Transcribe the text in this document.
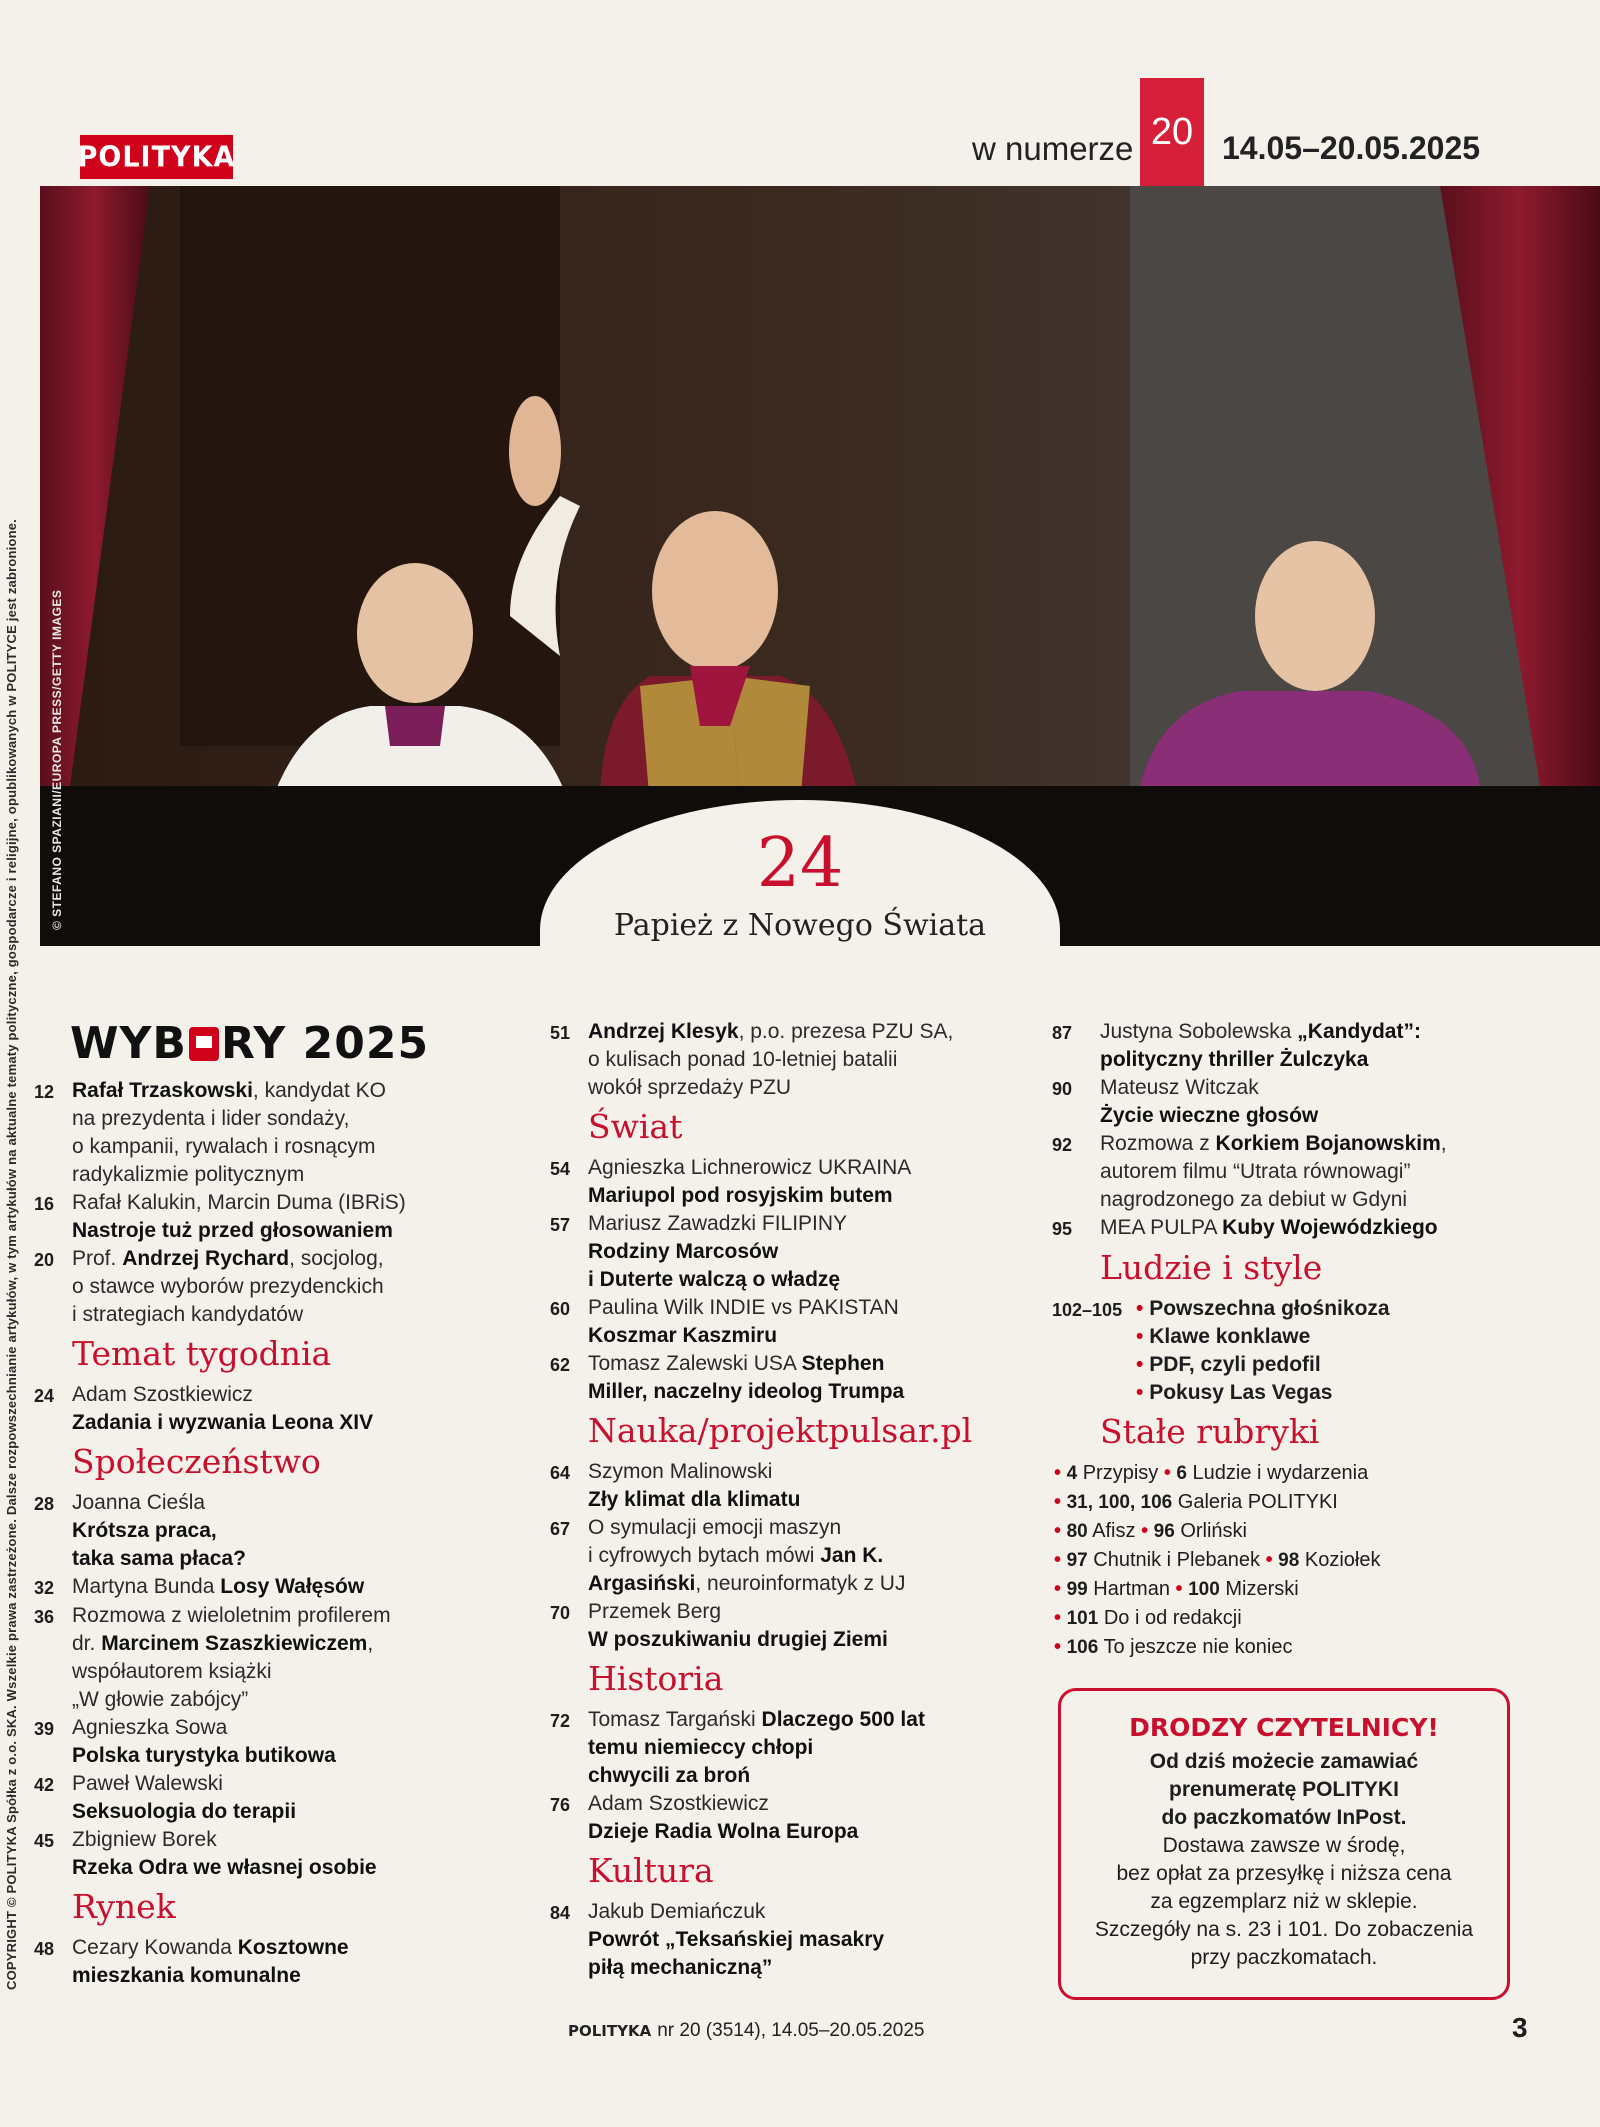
POLITYKA	w numerze 20 14.05–20.05.2025
COPYRIGHT © POLITYKA Spółka z o.o. SKA. Wszelkie prawa zastrzeżone. Dalsze rozpowszechnianie artykułów, w tym artykułów na aktualne tematy polityczne, gospodarcze i religijne, opublikowanych w POLITYCE jest zabronione.	© STEFANO SPAZIANI/EUROPA PRESS/GETTY IMAGES	24
Papież z Nowego Świata
WYB RY 2025
12 Rafał Trzaskowski, kandydat KO
na prezydenta i lider sondaży,
o kampanii, rywalach i rosnącym
radykalizmie politycznym
16 Rafał Kalukin, Marcin Duma (IBRiS)
Nastroje tuż przed głosowaniem
20 Prof. Andrzej Rychard, socjolog,
o stawce wyborów prezydenckich
i strategiach kandydatów
Temat tygodnia
24 Adam Szostkiewicz
Zadania i wyzwania Leona XIV
Społeczeństwo
28 Joanna Cieśla
Krótsza praca,
taka sama płaca?
32 Martyna Bunda Losy Wałęsów
36 Rozmowa z wieloletnim profilerem
dr. Marcinem Szaszkiewiczem,
współautorem książki
„W głowie zabójcy”
39 Agnieszka Sowa
Polska turystyka butikowa
42 Paweł Walewski
Seksuologia do terapii
45 Zbigniew Borek
Rzeka Odra we własnej osobie
Rynek
48 Cezary Kowanda Kosztowne
mieszkania komunalne
51 Andrzej Klesyk, p.o. prezesa PZU SA,
o kulisach ponad 10-letniej batalii
wokół sprzedaży PZU
Świat
54 Agnieszka Lichnerowicz UKRAINA
Mariupol pod rosyjskim butem
57 Mariusz Zawadzki FILIPINY
Rodziny Marcosów
i Duterte walczą o władzę
60 Paulina Wilk INDIE vs PAKISTAN
Koszmar Kaszmiru
62 Tomasz Zalewski USA Stephen
Miller, naczelny ideolog Trumpa
Nauka/projektpulsar.pl
64 Szymon Malinowski
Zły klimat dla klimatu
67 O symulacji emocji maszyn
i cyfrowych bytach mówi Jan K.
Argasiński, neuroinformatyk z UJ
70 Przemek Berg
W poszukiwaniu drugiej Ziemi
Historia
72 Tomasz Targański Dlaczego 500 lat
temu niemieccy chłopi
chwycili za broń
76 Adam Szostkiewicz
Dzieje Radia Wolna Europa
Kultura
84 Jakub Demiańczuk
Powrót „Teksańskiej masakry
piłą mechaniczną”
87	Justyna Sobolewska „Kandydat”:
polityczny thriller Żulczyka
90	Mateusz Witczak
Życie wieczne głosów
92	Rozmowa z Korkiem Bojanowskim,
autorem filmu “Utrata równowagi”
nagrodzonego za debiut w Gdyni
95	MEA PULPA Kuby Wojewódzkiego
Ludzie i style
102–105 • Powszechna głośnikoza
• Klawe konklawe
• PDF, czyli pedofil
• Pokusy Las Vegas
Stałe rubryki
• 4 Przypisy • 6 Ludzie i wydarzenia
• 31, 100, 106 Galeria POLITYKI
• 80 Afisz • 96 Orliński
• 97 Chutnik i Plebanek • 98 Koziołek
• 99 Hartman • 100 Mizerski
• 101 Do i od redakcji
• 106 To jeszcze nie koniec
DRODZY CZYTELNICY!
Od dziś możecie zamawiać
prenumeratę POLITYKI
do paczkomatów InPost.
Dostawa zawsze w środę,
bez opłat za przesyłkę i niższa cena
za egzemplarz niż w sklepie.
Szczegóły na s. 23 i 101. Do zobaczenia
przy paczkomatach.
POLITYKA nr 20 (3514), 14.05–20.05.2025	3
